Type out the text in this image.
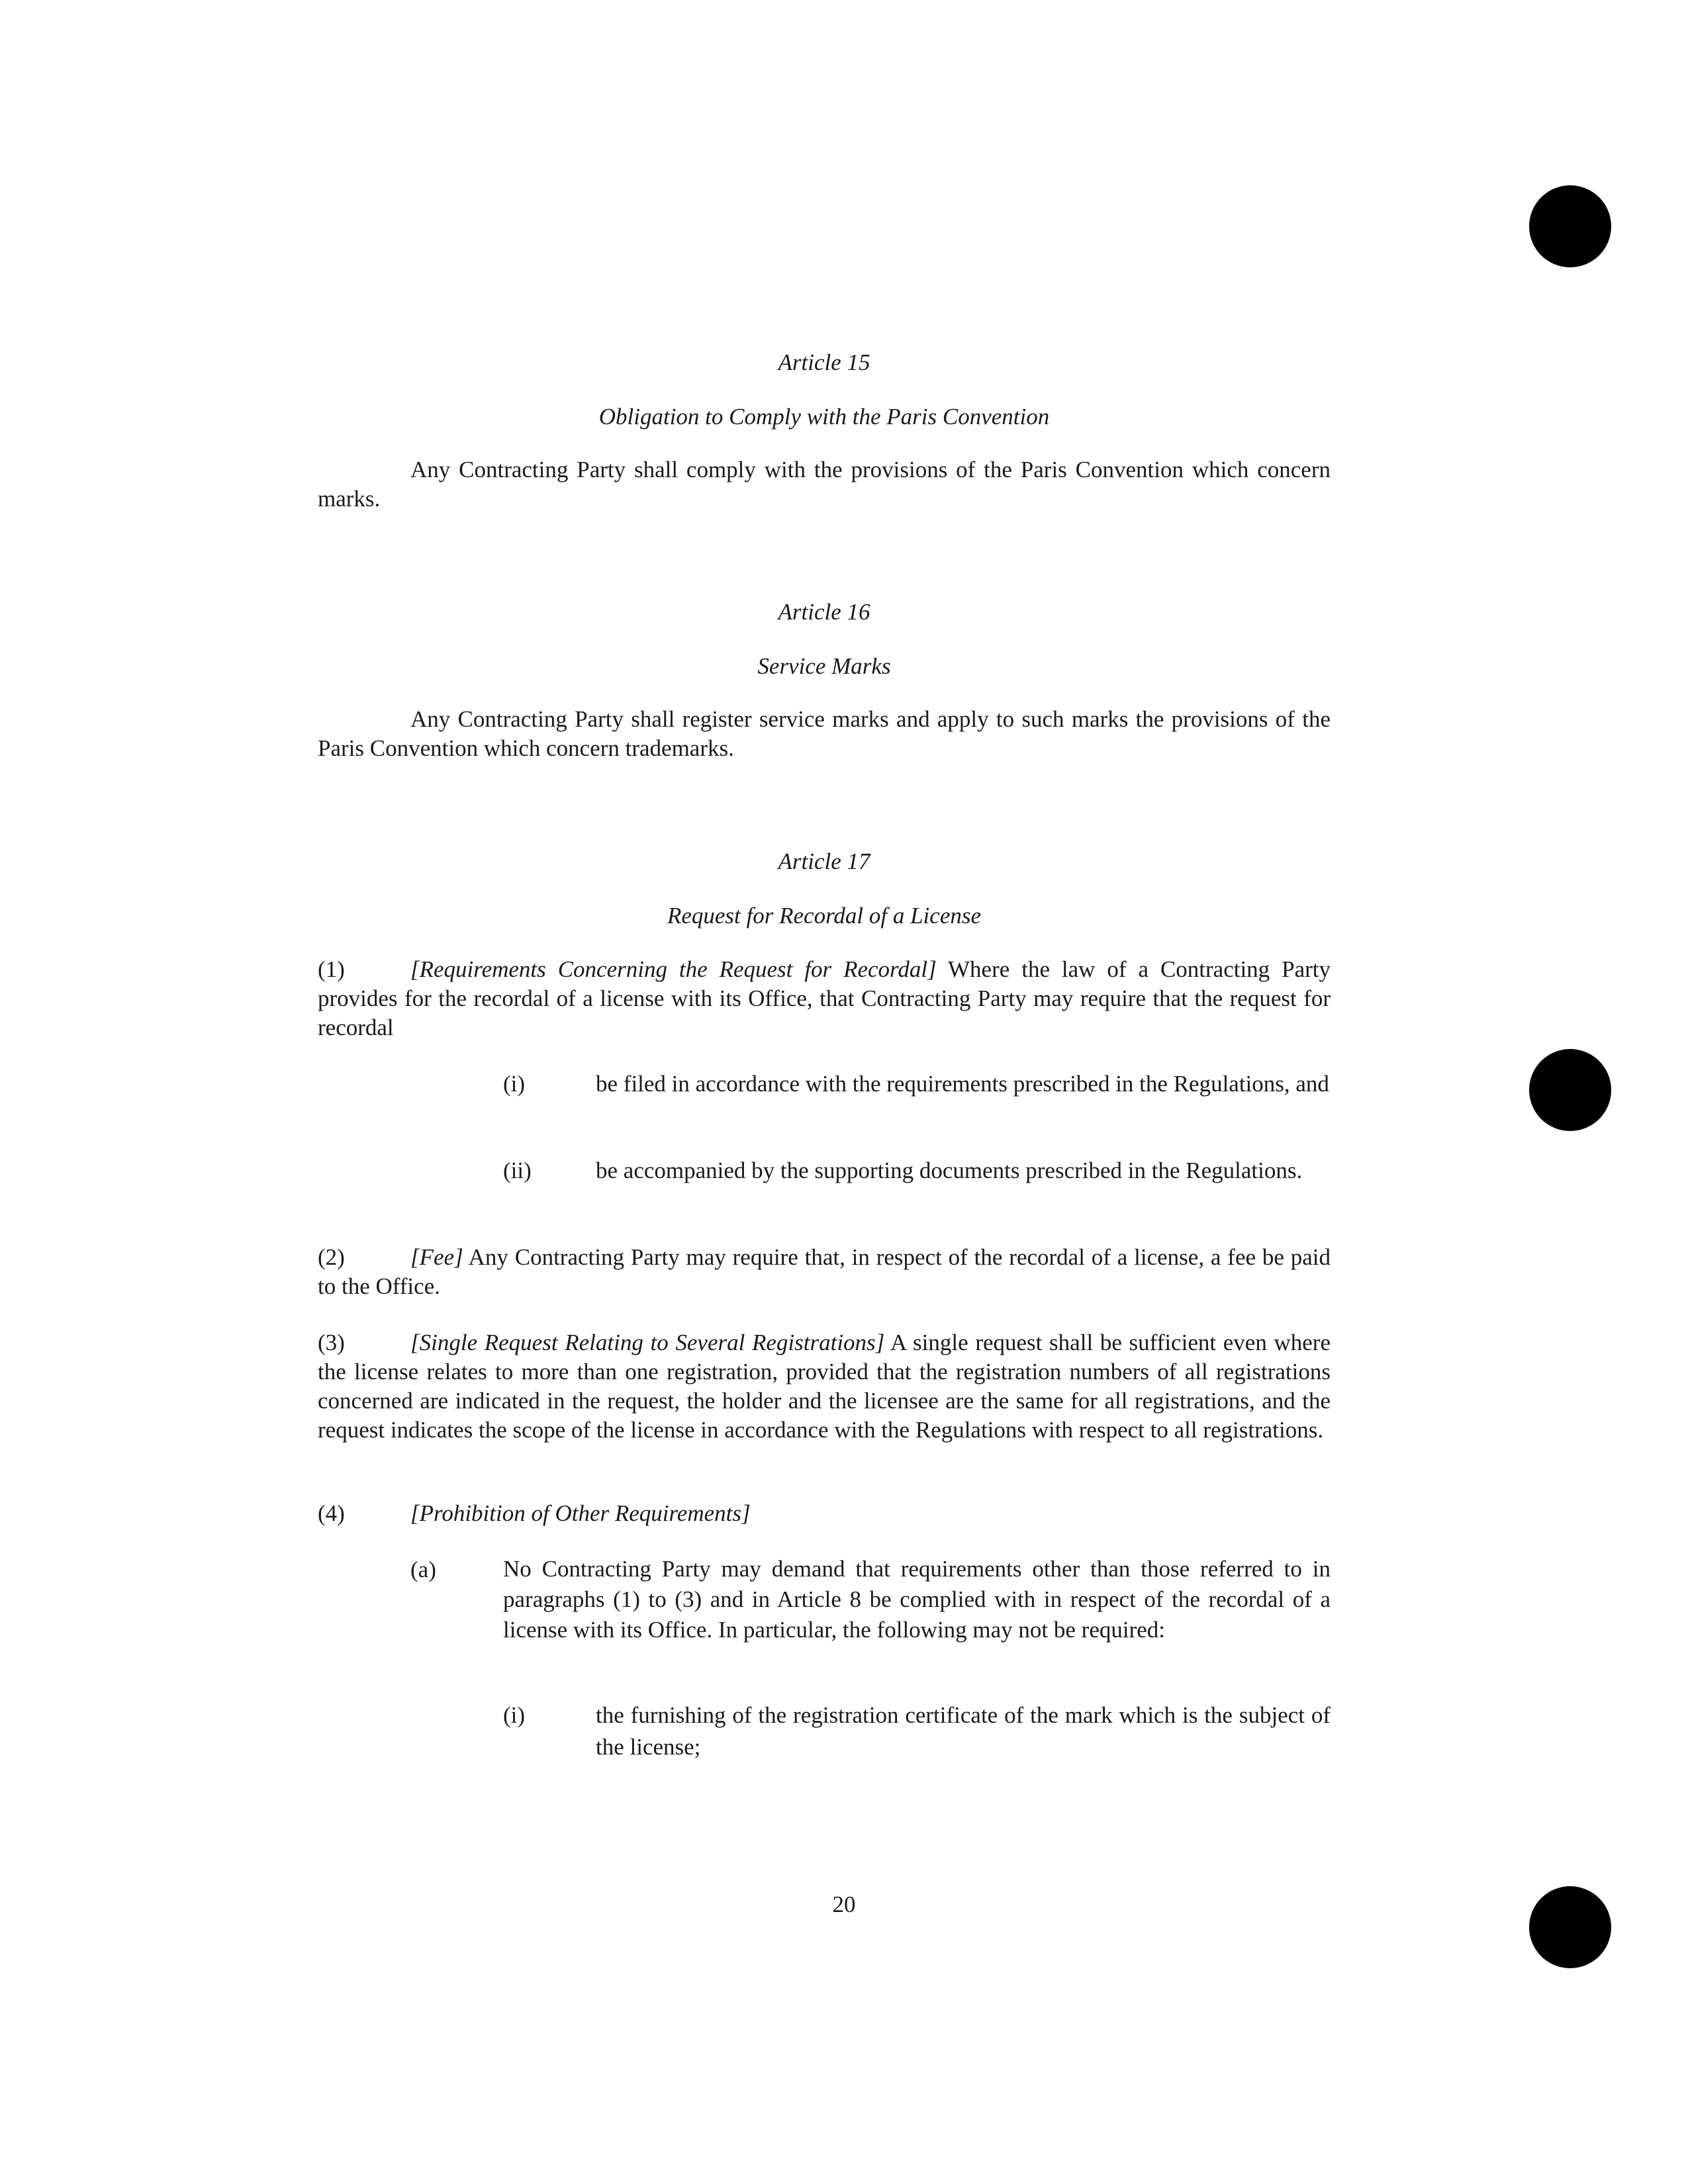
Article 15
Obligation to Comply with the Paris Convention
Any Contracting Party shall comply with the provisions of the Paris Convention which concern marks.
Article 16
Service Marks
Any Contracting Party shall register service marks and apply to such marks the provisions of the Paris Convention which concern trademarks.
Article 17
Request for Recordal of a License
(1)	[Requirements Concerning the Request for Recordal] Where the law of a Contracting Party provides for the recordal of a license with its Office, that Contracting Party may require that the request for recordal
(i)	be filed in accordance with the requirements prescribed in the Regulations, and
(ii)	be accompanied by the supporting documents prescribed in the Regulations.
(2)	[Fee] Any Contracting Party may require that, in respect of the recordal of a license, a fee be paid to the Office.
(3)	[Single Request Relating to Several Registrations] A single request shall be sufficient even where the license relates to more than one registration, provided that the registration numbers of all registrations concerned are indicated in the request, the holder and the licensee are the same for all registrations, and the request indicates the scope of the license in accordance with the Regulations with respect to all registrations.
(4)	[Prohibition of Other Requirements]
(a)	No Contracting Party may demand that requirements other than those referred to in paragraphs (1) to (3) and in Article 8 be complied with in respect of the recordal of a license with its Office. In particular, the following may not be required:
(i)	the furnishing of the registration certificate of the mark which is the subject of the license;
20
